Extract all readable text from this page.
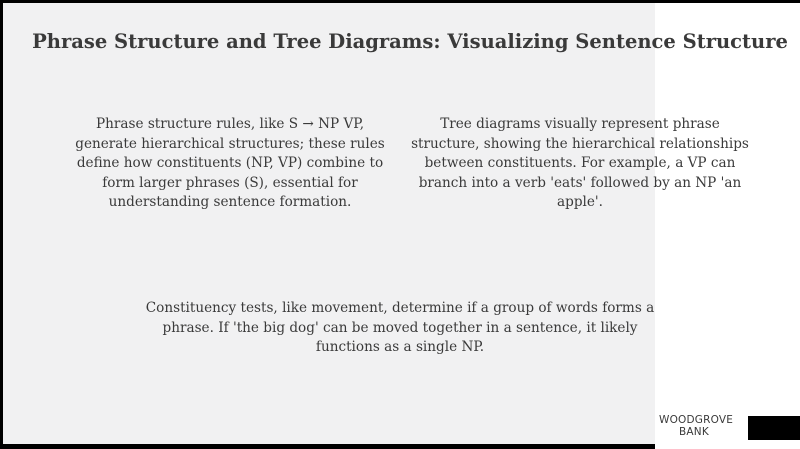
Phrase Structure and Tree Diagrams: Visualizing Sentence Structure
Phrase structure rules, like S → NP VP, generate hierarchical structures; these rules define how constituents (NP, VP) combine to form larger phrases (S), essential for understanding sentence formation.
Tree diagrams visually represent phrase structure, showing the hierarchical relationships between constituents. For example, a VP can branch into a verb 'eats' followed by an NP 'an apple'.
Constituency tests, like movement, determine if a group of words forms a phrase. If 'the big dog' can be moved together in a sentence, it likely functions as a single NP.
WOODGROVE
BANK
